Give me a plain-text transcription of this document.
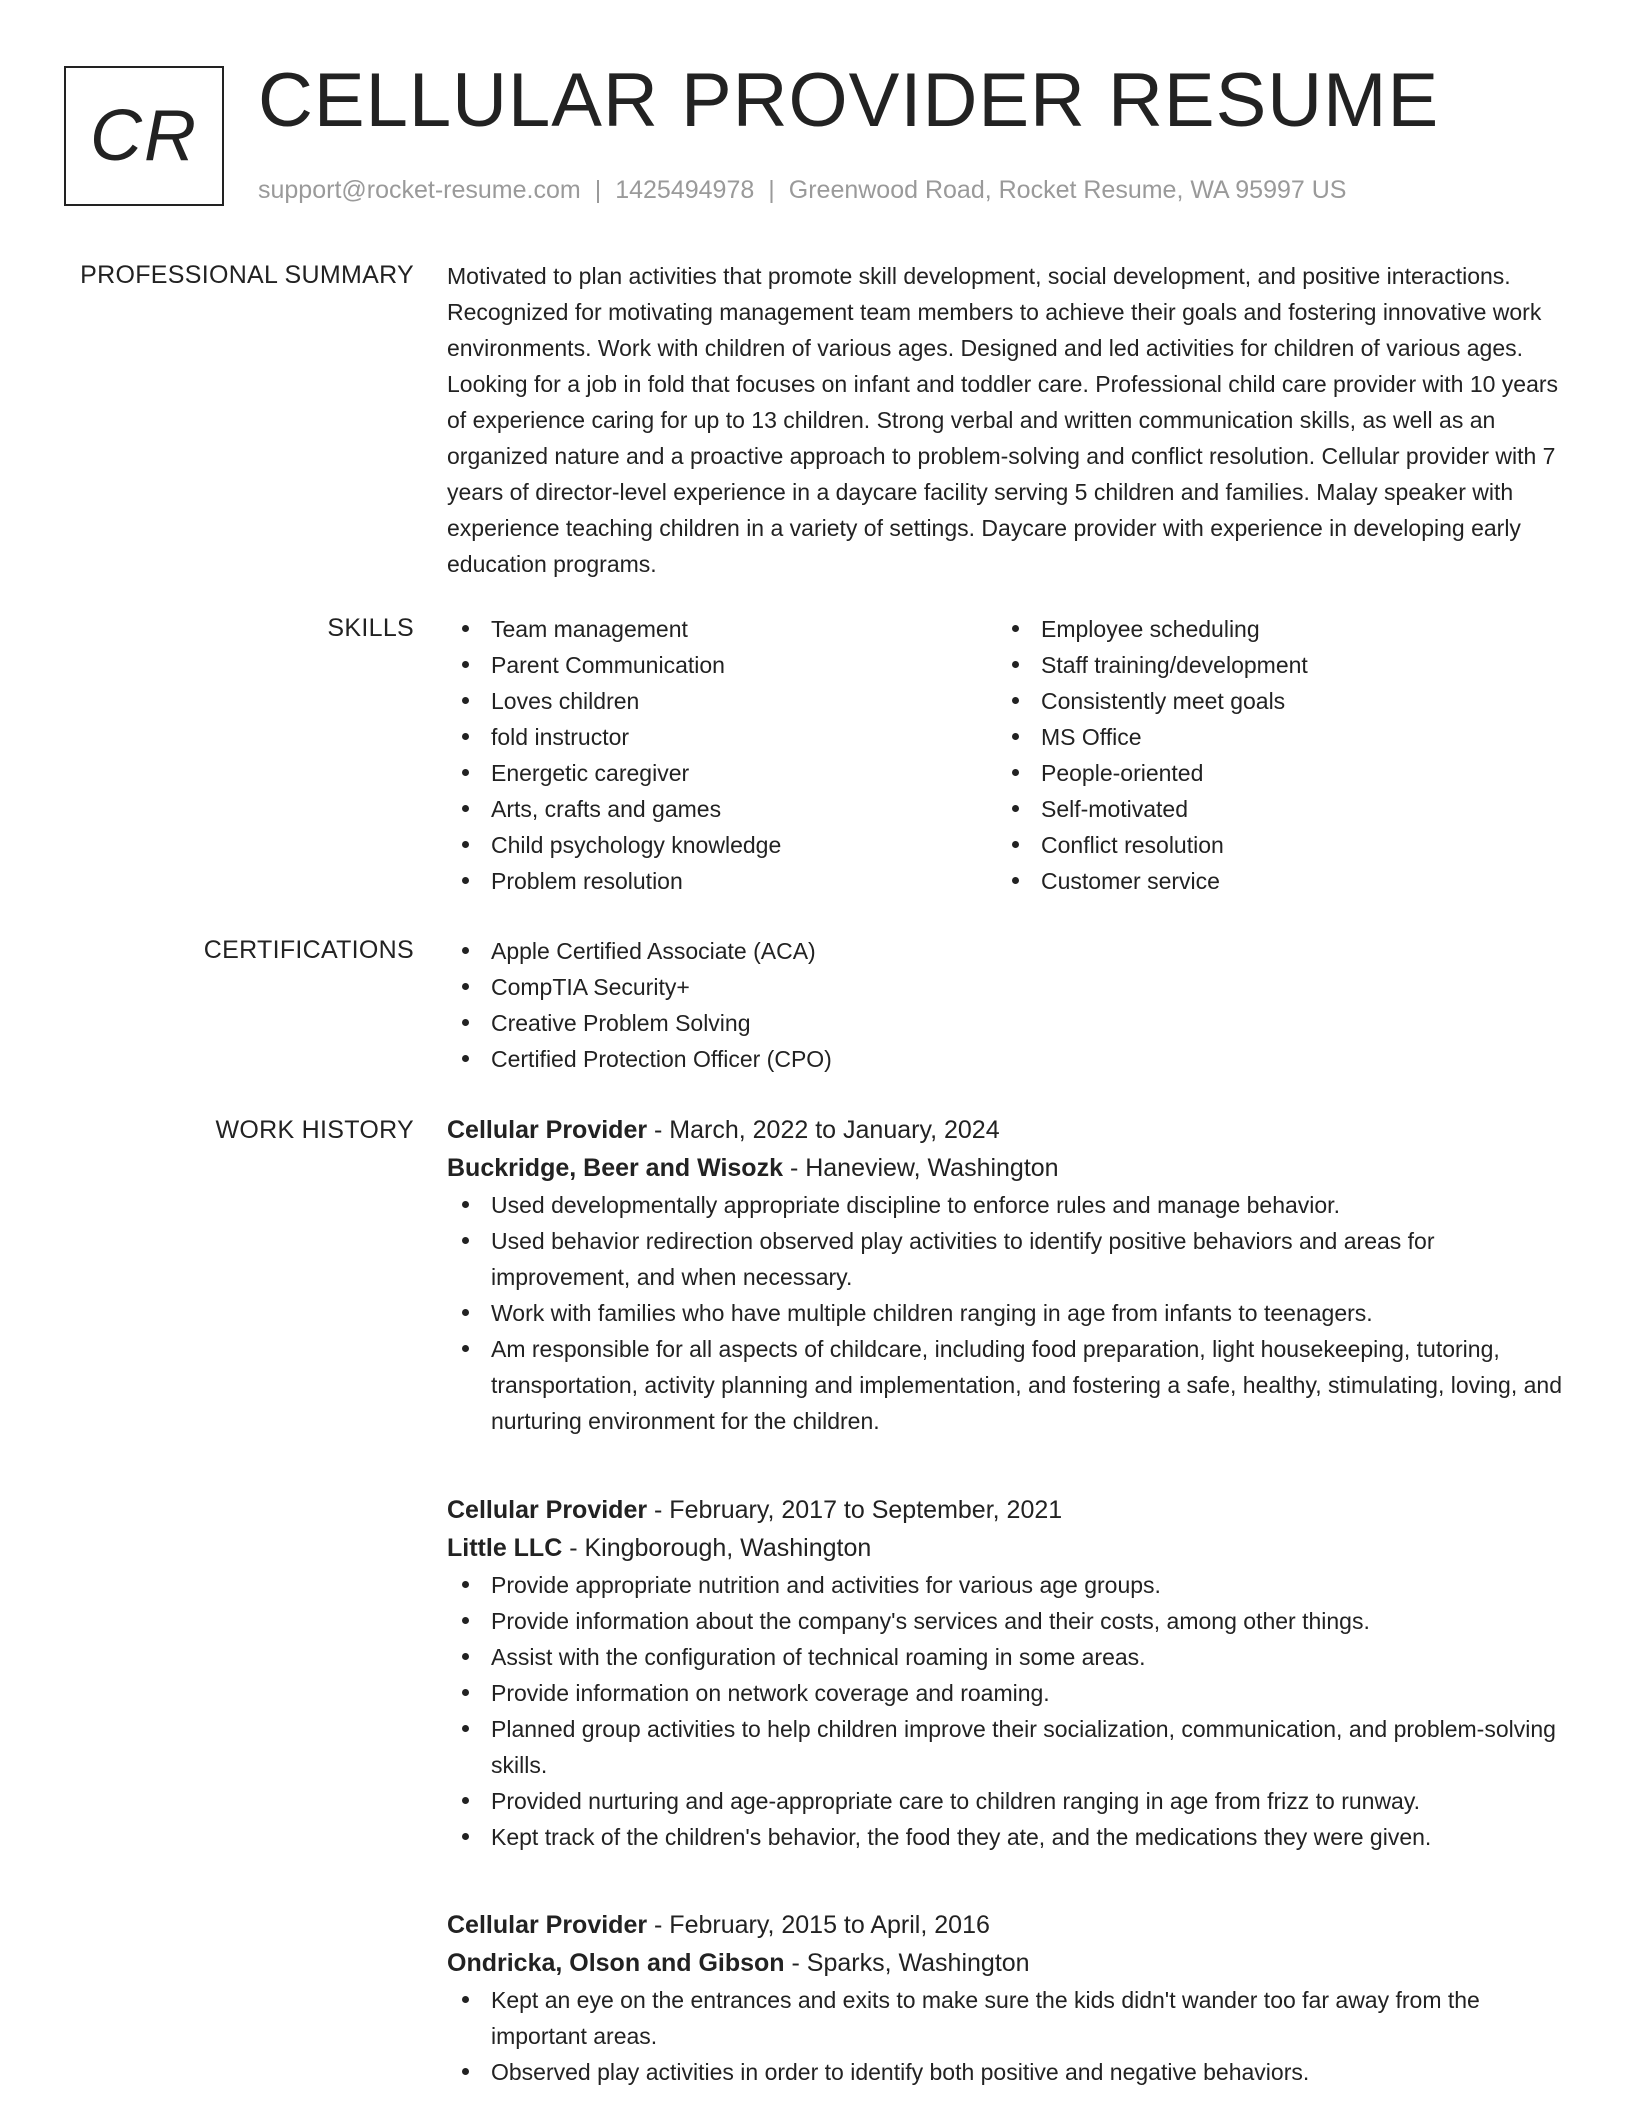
CR CELLULAR PROVIDER RESUME
support@rocket-resume.com | 1425494978 | Greenwood Road, Rocket Resume, WA 95997 US
PROFESSIONAL SUMMARY Motivated to plan activities that promote skill development, social development, and positive interactions. Recognized for motivating management team members to achieve their goals and fostering innovative work environments. Work with children of various ages. Designed and led activities for children of various ages. Looking for a job in fold that focuses on infant and toddler care. Professional child care provider with 10 years of experience caring for up to 13 children. Strong verbal and written communication skills, as well as an organized nature and a proactive approach to problem-solving and conflict resolution. Cellular provider with 7 years of director-level experience in a daycare facility serving 5 children and families. Malay speaker with experience teaching children in a variety of settings. Daycare provider with experience in developing early education programs.

SKILLS	Team management
Parent Communication
Loves children
fold instructor
Energetic caregiver
Arts, crafts and games
Child psychology knowledge
Problem resolution
Employee scheduling
Staff training/development
Consistently meet goals
MS Office
People-oriented
Self-motivated
Conflict resolution
Customer service
CERTIFICATIONS	Apple Certified Associate (ACA)
CompTIA Security+
Creative Problem Solving
Certified Protection Officer (CPO)
WORK HISTORY Cellular Provider - March, 2022 to January, 2024
Buckridge, Beer and Wisozk - Haneview, Washington
Used developmentally appropriate discipline to enforce rules and manage behavior.
Used behavior redirection observed play activities to identify positive behaviors and areas for improvement, and when necessary.
Work with families who have multiple children ranging in age from infants to teenagers.
Am responsible for all aspects of childcare, including food preparation, light housekeeping, tutoring, transportation, activity planning and implementation, and fostering a safe, healthy, stimulating, loving, and nurturing environment for the children.
Cellular Provider - February, 2017 to September, 2021
Little LLC - Kingborough, Washington
Provide appropriate nutrition and activities for various age groups.
Provide information about the company's services and their costs, among other things.
Assist with the configuration of technical roaming in some areas.
Provide information on network coverage and roaming.
Planned group activities to help children improve their socialization, communication, and problem-solving skills.
Provided nurturing and age-appropriate care to children ranging in age from frizz to runway.
Kept track of the children's behavior, the food they ate, and the medications they were given.
Cellular Provider - February, 2015 to April, 2016
Ondricka, Olson and Gibson - Sparks, Washington
Kept an eye on the entrances and exits to make sure the kids didn't wander too far away from the important areas.
Observed play activities in order to identify both positive and negative behaviors.
